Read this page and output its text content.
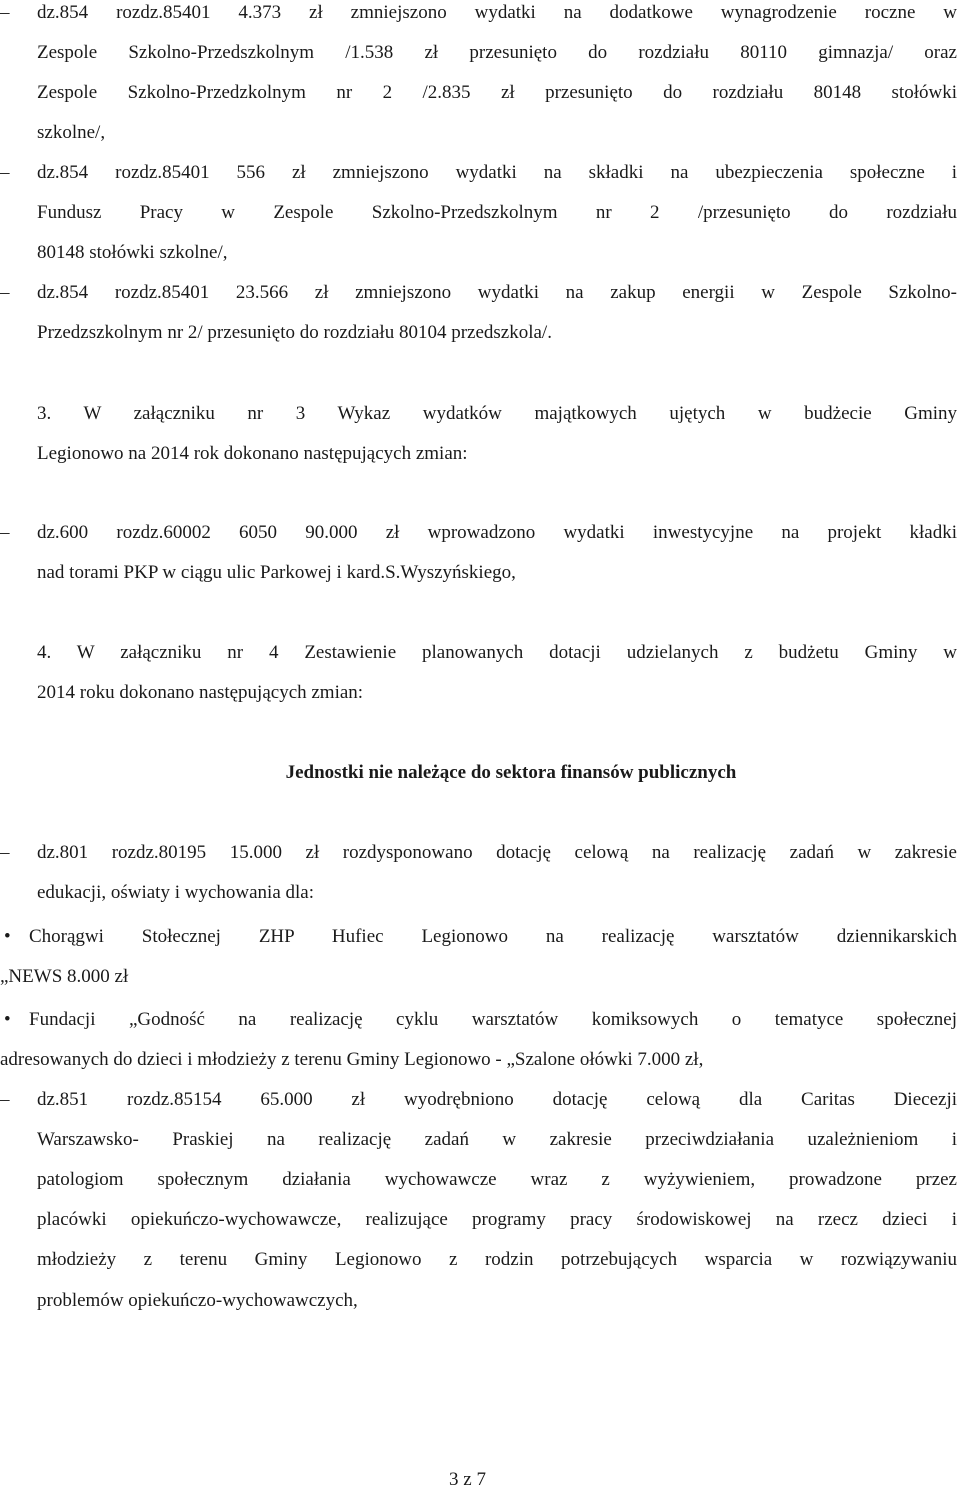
–	dz.854 rozdz.85401 4.373 zł zmniejszono wydatki na dodatkowe wynagrodzenie roczne w
Zespole Szkolno-Przedszkolnym /1.538 zł przesunięto do rozdziału 80110 gimnazja/ oraz
Zespole Szkolno-Przedzkolnym nr 2 /2.835 zł przesunięto do rozdziału 80148 stołówki
szkolne/,
–	dz.854 rozdz.85401 556 zł zmniejszono wydatki na składki na ubezpieczenia społeczne i
Fundusz Pracy w Zespole Szkolno-Przedszkolnym nr 2 /przesunięto do rozdziału
80148 stołówki szkolne/,
–	dz.854 rozdz.85401 23.566 zł zmniejszono wydatki na zakup energii w Zespole Szkolno-
Przedzszkolnym nr 2/ przesunięto do rozdziału 80104 przedszkola/.
3. W załączniku nr 3 Wykaz wydatków majątkowych ujętych w budżecie Gminy
Legionowo na 2014 rok dokonano następujących zmian:
–	dz.600 rozdz.60002 6050 90.000 zł wprowadzono wydatki inwestycyjne na projekt kładki
nad torami PKP w ciągu ulic Parkowej i kard.S.Wyszyńskiego,
4. W załączniku nr 4 Zestawienie planowanych dotacji udzielanych z budżetu Gminy w
2014 roku dokonano następujących zmian:
Jednostki nie należące do sektora finansów publicznych
–	dz.801 rozdz.80195 15.000 zł rozdysponowano dotację celową na realizację zadań w zakresie
edukacji, oświaty i wychowania dla:
• Chorągwi Stołecznej ZHP Hufiec Legionowo na realizację warsztatów dziennikarskich
„NEWS 8.000 zł
• Fundacji „Godność na realizację cyklu warsztatów komiksowych o tematyce społecznej
adresowanych do dzieci i młodzieży z terenu Gminy Legionowo - „Szalone ołówki 7.000 zł,
–	dz.851 rozdz.85154 65.000 zł wyodrębniono dotację celową dla Caritas Diecezji
Warszawsko- Praskiej na realizację zadań w zakresie przeciwdziałania uzależnieniom i
patologiom społecznym działania wychowawcze wraz z wyżywieniem, prowadzone przez
placówki opiekuńczo-wychowawcze, realizujące programy pracy środowiskowej na rzecz dzieci i
młodzieży z terenu Gminy Legionowo z rodzin potrzebujących wsparcia w rozwiązywaniu
problemów opiekuńczo-wychowawczych,
3 z 7
